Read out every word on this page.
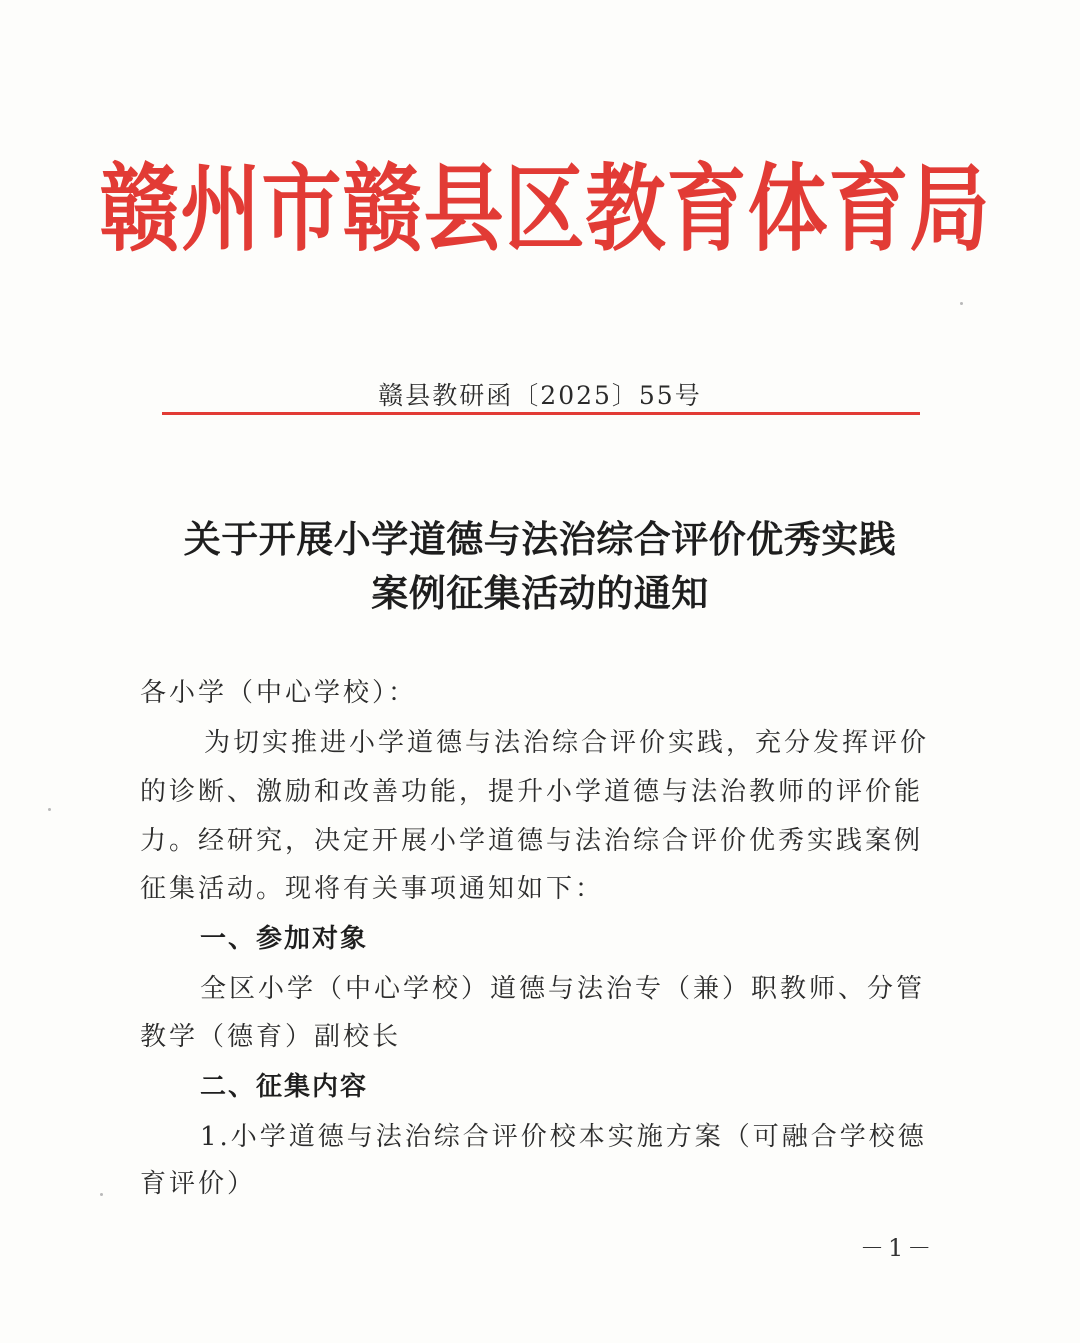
赣州市赣县区教育体育局
赣县教研函〔2025〕55号
关于开展小学道德与法治综合评价优秀实践
案例征集活动的通知
各小学（中心学校）：
为切实推进小学道德与法治综合评价实践，充分发挥评价
的诊断、激励和改善功能，提升小学道德与法治教师的评价能
力。经研究，决定开展小学道德与法治综合评价优秀实践案例
征集活动。现将有关事项通知如下：
一、参加对象
全区小学（中心学校）道德与法治专（兼）职教师、分管
教学（德育）副校长
二、征集内容
1.小学道德与法治综合评价校本实施方案（可融合学校德
育评价）
－1－
